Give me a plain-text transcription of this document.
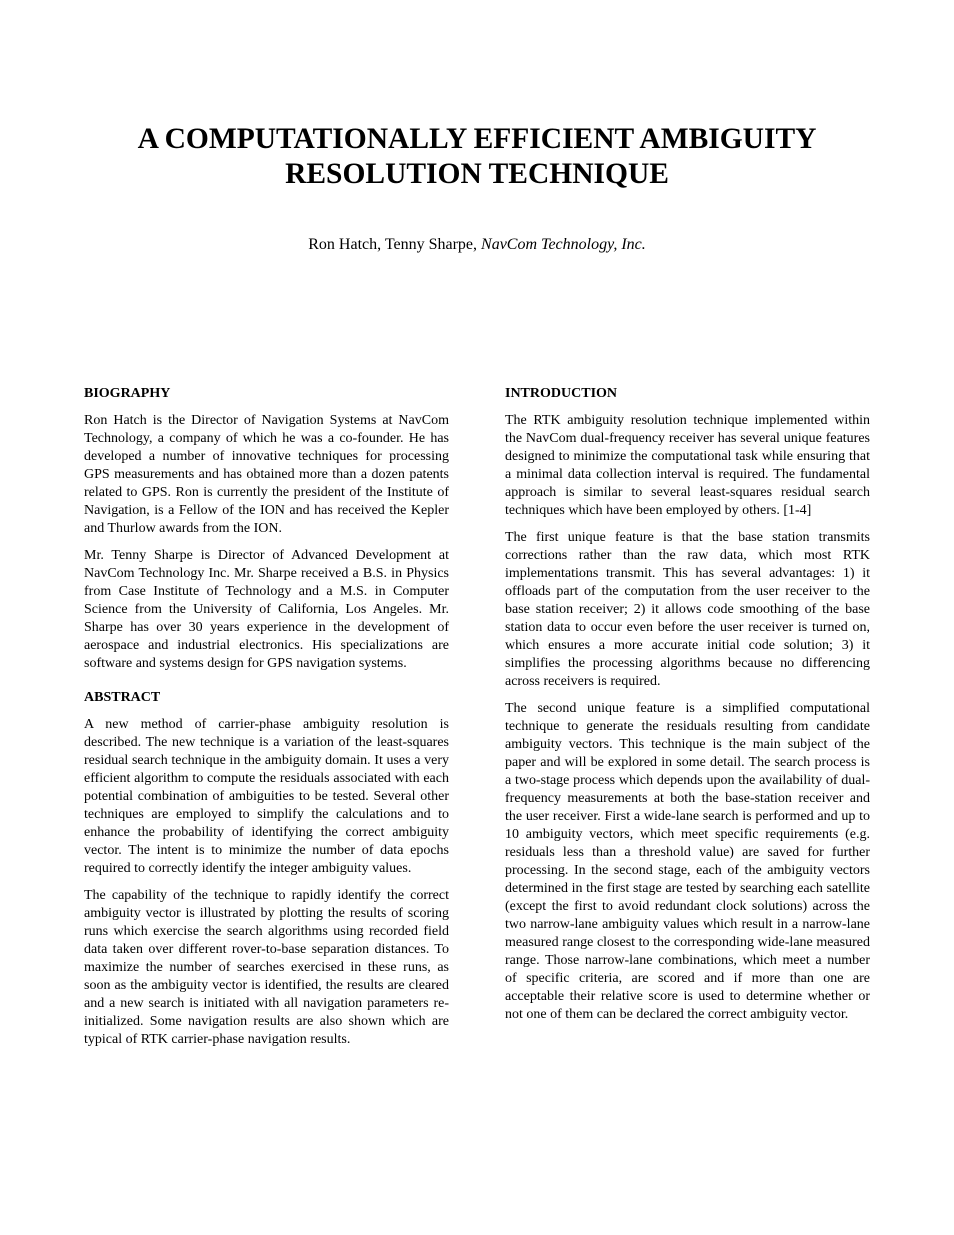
A COMPUTATIONALLY EFFICIENT AMBIGUITY
RESOLUTION TECHNIQUE

Ron Hatch, Tenny Sharpe, NavCom Technology, Inc.

BIOGRAPHY

Ron Hatch is the Director of Navigation Systems at NavCom Technology, a company of which he was a co-founder. He has developed a number of innovative techniques for processing GPS measurements and has obtained more than a dozen patents related to GPS. Ron is currently the president of the Institute of Navigation, is a Fellow of the ION and has received the Kepler and Thurlow awards from the ION.

Mr. Tenny Sharpe is Director of Advanced Development at NavCom Technology Inc. Mr. Sharpe received a B.S. in Physics from Case Institute of Technology and a M.S. in Computer Science from the University of California, Los Angeles. Mr. Sharpe has over 30 years experience in the development of aerospace and industrial electronics. His specializations are software and systems design for GPS navigation systems.

ABSTRACT

A new method of carrier-phase ambiguity resolution is described. The new technique is a variation of the least-squares residual search technique in the ambiguity domain. It uses a very efficient algorithm to compute the residuals associated with each potential combination of ambiguities to be tested. Several other techniques are employed to simplify the calculations and to enhance the probability of identifying the correct ambiguity vector. The intent is to minimize the number of data epochs required to correctly identify the integer ambiguity values.

The capability of the technique to rapidly identify the correct ambiguity vector is illustrated by plotting the results of scoring runs which exercise the search algorithms using recorded field data taken over different rover-to-base separation distances. To maximize the number of searches exercised in these runs, as soon as the ambiguity vector is identified, the results are cleared and a new search is initiated with all navigation parameters re-initialized. Some navigation results are also shown which are typical of RTK carrier-phase navigation results.

INTRODUCTION

The RTK ambiguity resolution technique implemented within the NavCom dual-frequency receiver has several unique features designed to minimize the computational task while ensuring that a minimal data collection interval is required. The fundamental approach is similar to several least-squares residual search techniques which have been employed by others. [1-4]

The first unique feature is that the base station transmits corrections rather than the raw data, which most RTK implementations transmit. This has several advantages: 1) it offloads part of the computation from the user receiver to the base station receiver; 2) it allows code smoothing of the base station data to occur even before the user receiver is turned on, which ensures a more accurate initial code solution; 3) it simplifies the processing algorithms because no differencing across receivers is required.

The second unique feature is a simplified computational technique to generate the residuals resulting from candidate ambiguity vectors. This technique is the main subject of the paper and will be explored in some detail. The search process is a two-stage process which depends upon the availability of dual-frequency measurements at both the base-station receiver and the user receiver. First a wide-lane search is performed and up to 10 ambiguity vectors, which meet specific requirements (e.g. residuals less than a threshold value) are saved for further processing. In the second stage, each of the ambiguity vectors determined in the first stage are tested by searching each satellite (except the first to avoid redundant clock solutions) across the two narrow-lane ambiguity values which result in a narrow-lane measured range closest to the corresponding wide-lane measured range. Those narrow-lane combinations, which meet a number of specific criteria, are scored and if more than one are acceptable their relative score is used to determine whether or not one of them can be declared the correct ambiguity vector.
